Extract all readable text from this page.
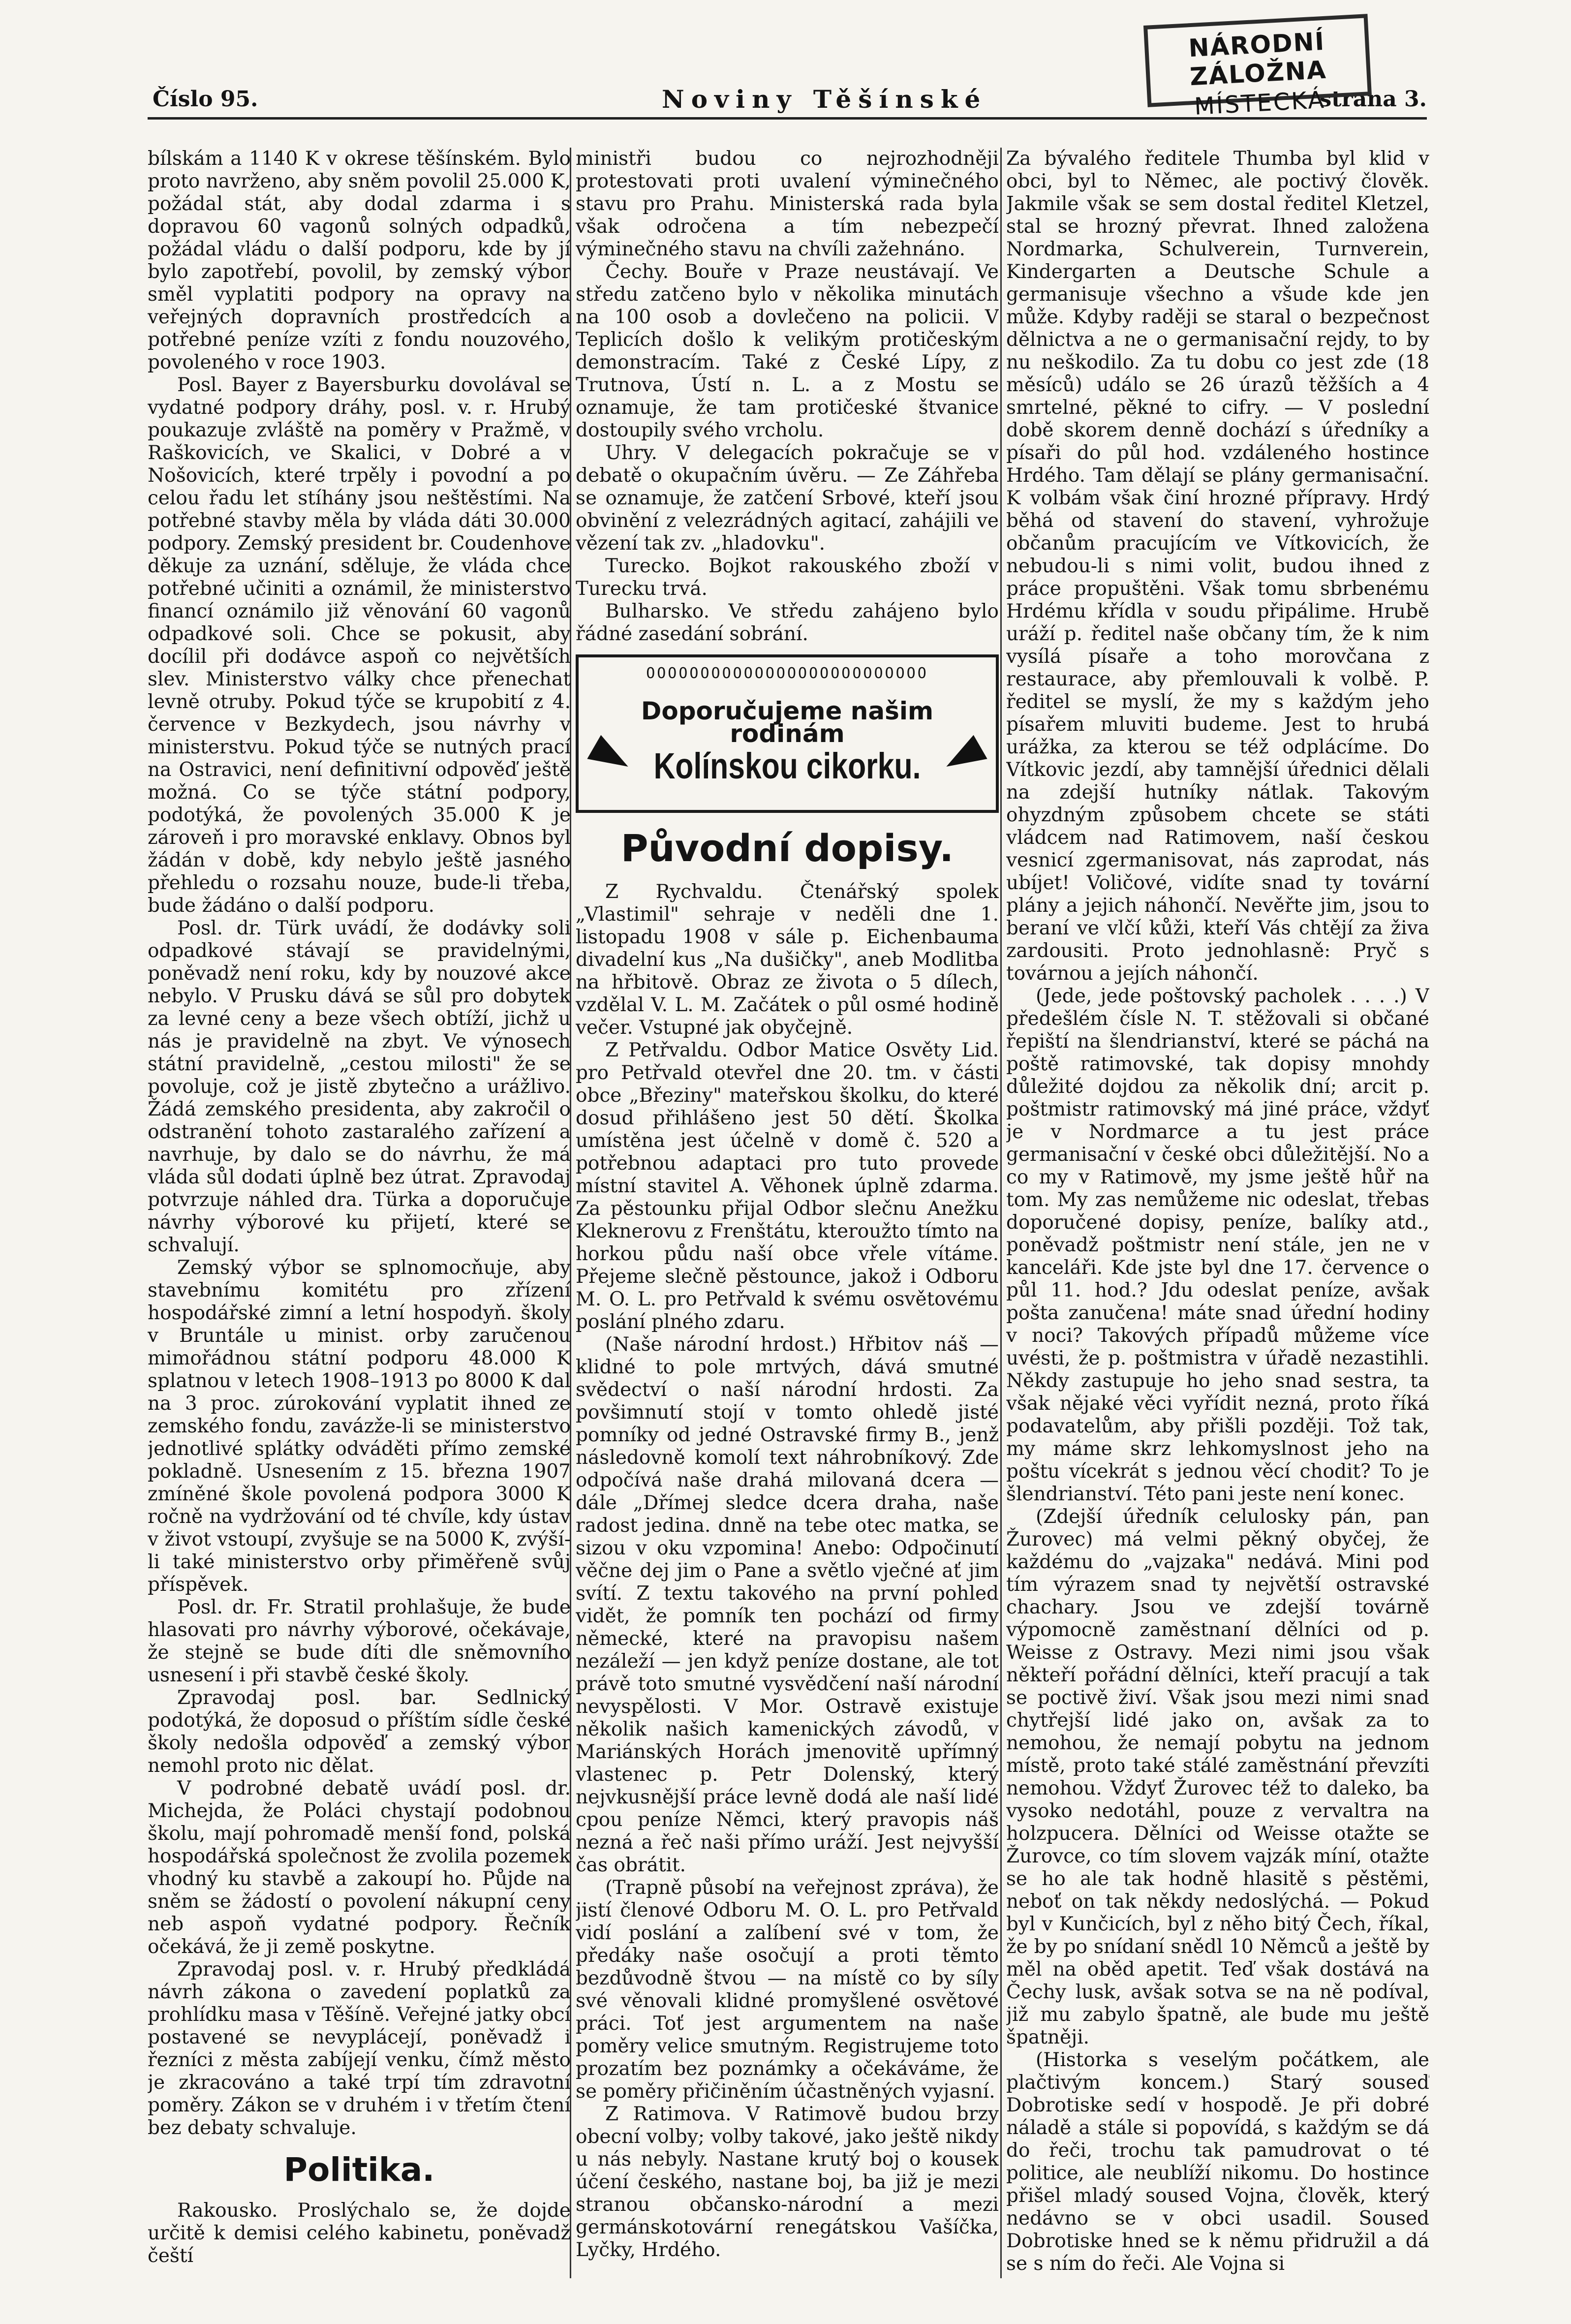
Číslo 95.	Noviny Těšínské	strana 3.
NÁRODNÍ ZÁLOŽNA
MÍSTECKÁ

bílskám a 1140 K v okrese těšínském. Bylo proto navrženo, aby sněm povolil 25.000 K, požádal stát, aby dodal zdarma i s dopravou 60 vagonů solných odpadků, požádal vládu o další podporu, kde by jí bylo zapotřebí, povolil, by zemský výbor směl vyplatiti podpory na opravy na veřejných dopravních prostředcích a potřebné peníze vzíti z fondu nouzového, povoleného v roce 1903.

Posl. Bayer z Bayersburku dovolával se vydatné podpory dráhy, posl. v. r. Hrubý poukazuje zvláště na poměry v Pražmě, v Raškovicích, ve Skalici, v Dobré a v Nošovicích, které trpěly i povodní a po celou řadu let stíhány jsou neštěstími. Na potřebné stavby měla by vláda dáti 30.000 podpory. Zemský president br. Coudenhove děkuje za uznání, sděluje, že vláda chce potřebné učiniti a oznámil, že ministerstvo financí oznámilo již věnování 60 vagonů odpadkové soli. Chce se pokusit, aby docílil při dodávce aspoň co největších slev. Ministerstvo války chce přenechat levně otruby. Pokud týče se krupobití z 4. července v Bezkydech, jsou návrhy v ministerstvu. Pokud týče se nutných prací na Ostravici, není definitivní odpověď ještě možná. Co se týče státní podpory, podotýká, že povolených 35.000 K je zároveň i pro moravské enklavy. Obnos byl žádán v době, kdy nebylo ještě jasného přehledu o rozsahu nouze, bude-li třeba, bude žádáno o další podporu.

Posl. dr. Türk uvádí, že dodávky soli odpadkové stávají se pravidelnými, poněvadž není roku, kdy by nouzové akce nebylo. V Prusku dává se sůl pro dobytek za levné ceny a beze všech obtíží, jichž u nás je pravidelně na zbyt. Ve výnosech státní pravidelně, „cestou milosti" že se povoluje, což je jistě zbytečno a urážlivo. Žádá zemského presidenta, aby zakročil o odstranění tohoto zastaralého zařízení a navrhuje, by dalo se do návrhu, že má vláda sůl dodati úplně bez útrat. Zpravodaj potvrzuje náhled dra. Türka a doporučuje návrhy výborové ku přijetí, které se schvalují.

Zemský výbor se splnomocňuje, aby stavebnímu komitétu pro zřízení hospodářské zimní a letní hospodyň. školy v Bruntále u minist. orby zaručenou mimořádnou státní podporu 48.000 K splatnou v letech 1908–1913 po 8000 K dal na 3 proc. zúrokování vyplatit ihned ze zemského fondu, zavázže-li se ministerstvo jednotlivé splátky odváděti přímo zemské pokladně. Usnesením z 15. března 1907 zmíněné škole povolená podpora 3000 K ročně na vydržování od té chvíle, kdy ústav v život vstoupí, zvyšuje se na 5000 K, zvýší-li také ministerstvo orby přiměřeně svůj příspěvek.

Posl. dr. Fr. Stratil prohlašuje, že bude hlasovati pro návrhy výborové, očekávaje, že stejně se bude díti dle sněmovního usnesení i při stavbě české školy.

Zpravodaj posl. bar. Sedlnický podotýká, že doposud o příštím sídle české školy nedošla odpověď a zemský výbor nemohl proto nic dělat.

V podrobné debatě uvádí posl. dr. Michejda, že Poláci chystají podobnou školu, mají pohromadě menší fond, polská hospodářská společnost že zvolila pozemek vhodný ku stavbě a zakoupí ho. Půjde na sněm se žádostí o povolení nákupní ceny neb aspoň vydatné podpory. Řečník očekává, že ji země poskytne.

Zpravodaj posl. v. r. Hrubý předkládá návrh zákona o zavedení poplatků za prohlídku masa v Těšíně. Veřejné jatky obcí postavené se nevyplácejí, poněvadž i řezníci z města zabíjejí venku, čímž město je zkracováno a také trpí tím zdravotní poměry. Zákon se v druhém i v třetím čtení bez debaty schvaluje.

Politika.

Rakousko. Proslýchalo se, že dojde určitě k demisi celého kabinetu, poněvadž čeští

ministři budou co nejrozhodněji protestovati proti uvalení výminečného stavu pro Prahu. Ministerská rada byla však odročena a tím nebezpečí výminečného stavu na chvíli zažehnáno.

Čechy. Bouře v Praze neustávají. Ve středu zatčeno bylo v několika minutách na 100 osob a dovlečeno na policii. V Teplicích došlo k velikým protičeským demonstracím. Také z České Lípy, z Trutnova, Ústí n. L. a z Mostu se oznamuje, že tam protičeské štvanice dostoupily svého vrcholu.

Uhry. V delegacích pokračuje se v debatě o okupačním úvěru. — Ze Záhřeba se oznamuje, že zatčení Srbové, kteří jsou obvinění z velezrádných agitací, zahájili ve vězení tak zv. „hladovku".

Turecko. Bojkot rakouského zboží v Turecku trvá.

Bulharsko. Ve středu zahájeno bylo řádné zasedání sobrání.

OOOOOOOOOOOOOOOOOOOOOOOOOO
Doporučujeme našim rodinám
Kolínskou cikorku.
Původní dopisy.

Z Rychvaldu. Čtenářský spolek „Vlastimil" sehraje v neděli dne 1. listopadu 1908 v sále p. Eichenbauma divadelní kus „Na dušičky", aneb Modlitba na hřbitově. Obraz ze života o 5 dílech, vzdělal V. L. M. Začátek o půl osmé hodině večer. Vstupné jak obyčejně.

Z Petřvaldu. Odbor Matice Osvěty Lid. pro Petřvald otevřel dne 20. tm. v části obce „Březiny" mateřskou školku, do které dosud přihlášeno jest 50 dětí. Školka umístěna jest účelně v domě č. 520 a potřebnou adaptaci pro tuto provede místní stavitel A. Věhonek úplně zdarma. Za pěstounku přijal Odbor slečnu Anežku Kleknerovu z Frenštátu, kteroužto tímto na horkou půdu naší obce vřele vítáme. Přejeme slečně pěstounce, jakož i Odboru M. O. L. pro Petřvald k svému osvětovému poslání plného zdaru.

(Naše národní hrdost.) Hřbitov náš — klidné to pole mrtvých, dává smutné svědectví o naší národní hrdosti. Za povšimnutí stojí v tomto ohledě jisté pomníky od jedné Ostravské firmy B., jenž následovně komolí text náhrobníkový. Zde odpočívá naše drahá milovaná dcera — dále „Dřímej sledce dcera draha, naše radost jedina. dnně na tebe otec matka, se sizou v oku vzpomina! Anebo: Odpočinutí věčne dej jim o Pane a světlo vječné ať jim svítí. Z textu takového na první pohled vidět, že pomník ten pochází od firmy německé, které na pravopisu našem nezáleží — jen když peníze dostane, ale tot právě toto smutné vysvědčení naší národní nevyspělosti. V Mor. Ostravě existuje několik našich kamenických závodů, v Mariánských Horách jmenovitě upřímný vlastenec p. Petr Dolenský, který nejvkusnější práce levně dodá ale naší lidé cpou peníze Němci, který pravopis náš nezná a řeč naši přímo uráží. Jest nejvyšší čas obrátit.

(Trapně působí na veřejnost zpráva), že jistí členové Odboru M. O. L. pro Petřvald vidí poslání a zalíbení své v tom, že předáky naše osočují a proti těmto bezdůvodně štvou — na místě co by síly své věnovali klidné promyšlené osvětové práci. Toť jest argumentem na naše poměry velice smutným. Registrujeme toto prozatím bez poznámky a očekáváme, že se poměry přičiněním účastněných vyjasní.

Z Ratimova. V Ratimově budou brzy obecní volby; volby takové, jako ještě nikdy u nás nebyly. Nastane krutý boj o kousek účení českého, nastane boj, ba již je mezi stranou občansko-národní a mezi germánskotovární renegátskou Vašíčka, Lyčky, Hrdého.

Za bývalého ředitele Thumba byl klid v obci, byl to Němec, ale poctivý člověk. Jakmile však se sem dostal ředitel Kletzel, stal se hrozný převrat. Ihned založena Nordmarka, Schulverein, Turnverein, Kindergarten a Deutsche Schule a germanisuje všechno a všude kde jen může. Kdyby raději se staral o bezpečnost dělnictva a ne o germanisační rejdy, to by nu neškodilo. Za tu dobu co jest zde (18 měsíců) událo se 26 úrazů těžších a 4 smrtelné, pěkné to cifry. — V poslední době skorem denně dochází s úředníky a písaři do půl hod. vzdáleného hostince Hrdého. Tam dělají se plány germanisační. K volbám však činí hrozné přípravy. Hrdý běhá od stavení do stavení, vyhrožuje občanům pracujícím ve Vítkovicích, že nebudou-li s nimi volit, budou ihned z práce propuštěni. Však tomu sbrbenému Hrdému křídla v soudu připálime. Hrubě uráží p. ředitel naše občany tím, že k nim vysílá písaře a toho morovčana z restaurace, aby přemlouvali k volbě. P. ředitel se myslí, že my s každým jeho písařem mluviti budeme. Jest to hrubá urážka, za kterou se též odplácíme. Do Vítkovic jezdí, aby tamnější úřednici dělali na zdejší hutníky nátlak. Takovým ohyzdným způsobem chcete se státi vládcem nad Ratimovem, naší českou vesnicí zgermanisovat, nás zaprodat, nás ubíjet! Voličové, vidíte snad ty tovární plány a jejich náhončí. Nevěřte jim, jsou to beraní ve vlčí kůži, kteří Vás chtějí za živa zardousiti. Proto jednohlasně: Pryč s továrnou a jejích náhončí.

(Jede, jede poštovský pacholek . . . .) V předešlém čísle N. T. stěžovali si občané řepiští na šlendrianství, které se páchá na poště ratimovské, tak dopisy mnohdy důležité dojdou za několik dní; arcit p. poštmistr ratimovský má jiné práce, vždyť je v Nordmarce a tu jest práce germanisační v české obci důležitější. No a co my v Ratimově, my jsme ještě hůř na tom. My zas nemůžeme nic odeslat, třebas doporučené dopisy, peníze, balíky atd., poněvadž poštmistr není stále, jen ne v kanceláři. Kde jste byl dne 17. července o půl 11. hod.? Jdu odeslat peníze, avšak pošta zanučena! máte snad úřední hodiny v noci? Takových případů můžeme více uvésti, že p. poštmistra v úřadě nezastihli. Někdy zastupuje ho jeho snad sestra, ta však nějaké věci vyřídit nezná, proto říká podavatelům, aby přišli později. Tož tak, my máme skrz lehkomyslnost jeho na poštu vícekrát s jednou věcí chodit? To je šlendrianství. Této pani jeste není konec.

(Zdejší úředník celulosky pán, pan Žurovec) má velmi pěkný obyčej, že každému do „vajzaka" nedává. Mini pod tím výrazem snad ty největší ostravské chachary. Jsou ve zdejší továrně výpomocně zaměstnaní dělníci od p. Weisse z Ostravy. Mezi nimi jsou však někteří pořádní dělníci, kteří pracují a tak se poctivě živí. Však jsou mezi nimi snad chytřejší lidé jako on, avšak za to nemohou, že nemají pobytu na jednom místě, proto také stálé zaměstnání převzíti nemohou. Vždyť Žurovec též to daleko, ba vysoko nedotáhl, pouze z vervaltra na holzpucera. Dělníci od Weisse otažte se Žurovce, co tím slovem vajzák míní, otažte se ho ale tak hodně hlasitě s pěstěmi, neboť on tak někdy nedoslýchá. — Pokud byl v Kunčicích, byl z něho bitý Čech, říkal, že by po snídaní snědl 10 Němců a ještě by měl na oběd apetit. Teď však dostává na Čechy lusk, avšak sotva se na ně podíval, již mu zabylo špatně, ale bude mu ještě špatněji.

(Historka s veselým počátkem, ale plačtivým koncem.) Starý souseď Dobrotiske sedí v hospodě. Je při dobré náladě a stále si popovídá, s každým se dá do řeči, trochu tak pamudrovat o té politice, ale neublíží nikomu. Do hostince přišel mladý soused Vojna, člověk, který nedávno se v obci usadil. Soused Dobrotiske hned se k němu přidružil a dá se s ním do řeči. Ale Vojna si
